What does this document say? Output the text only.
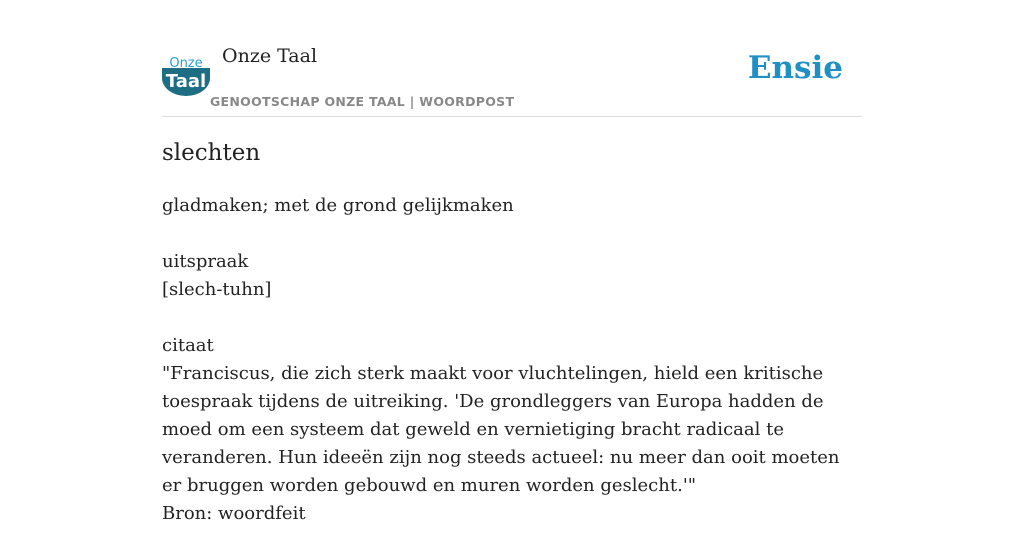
Onze
Taal
Onze Taal
GENOOTSCHAP ONZE TAAL | WOORDPOST
Ensie
slechten

gladmaken; met de grond gelijkmaken

uitspraak
[slech-tuhn]

citaat
"Franciscus, die zich sterk maakt voor vluchtelingen, hield een kritische toespraak tijdens de uitreiking. 'De grondleggers van Europa hadden de moed om een systeem dat geweld en vernietiging bracht radicaal te veranderen. Hun ideeën zijn nog steeds actueel: nu meer dan ooit moeten er bruggen worden gebouwd en muren worden geslecht.'"
Bron: woordfeit
